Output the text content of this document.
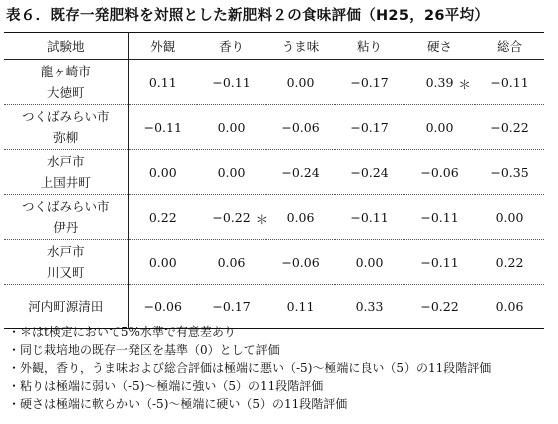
表６．既存一発肥料を対照とした新肥料２の食味評価（H25，26平均）
試験地	外観	香り	うま味	粘り	硬さ	総合

龍ヶ崎市
大徳町	0.11	−0.11	0.00	−0.17	0.39 ＊	−0.11

つくばみらい市
弥柳	−0.11	0.00	−0.06	−0.17	0.00	−0.22

水戸市
上国井町	0.00	0.00	−0.24	−0.24	−0.06	−0.35

つくばみらい市
伊丹	0.22	−0.22 ＊	0.06	−0.11	−0.11	0.00

水戸市
川又町	0.00	0.06	−0.06	0.00	−0.11	0.22

河内町源清田	−0.06	−0.17	0.11	0.33	−0.22	0.06
・＊はt検定において5%水準で有意差あり
・同じ栽培地の既存一発区を基準（0）として評価
・外観，香り，うま味および総合評価は極端に悪い（-5)～極端に良い（5）の11段階評価
・粘りは極端に弱い（-5)～極端に強い（5）の11段階評価
・硬さは極端に軟らかい（-5)～極端に硬い（5）の11段階評価
